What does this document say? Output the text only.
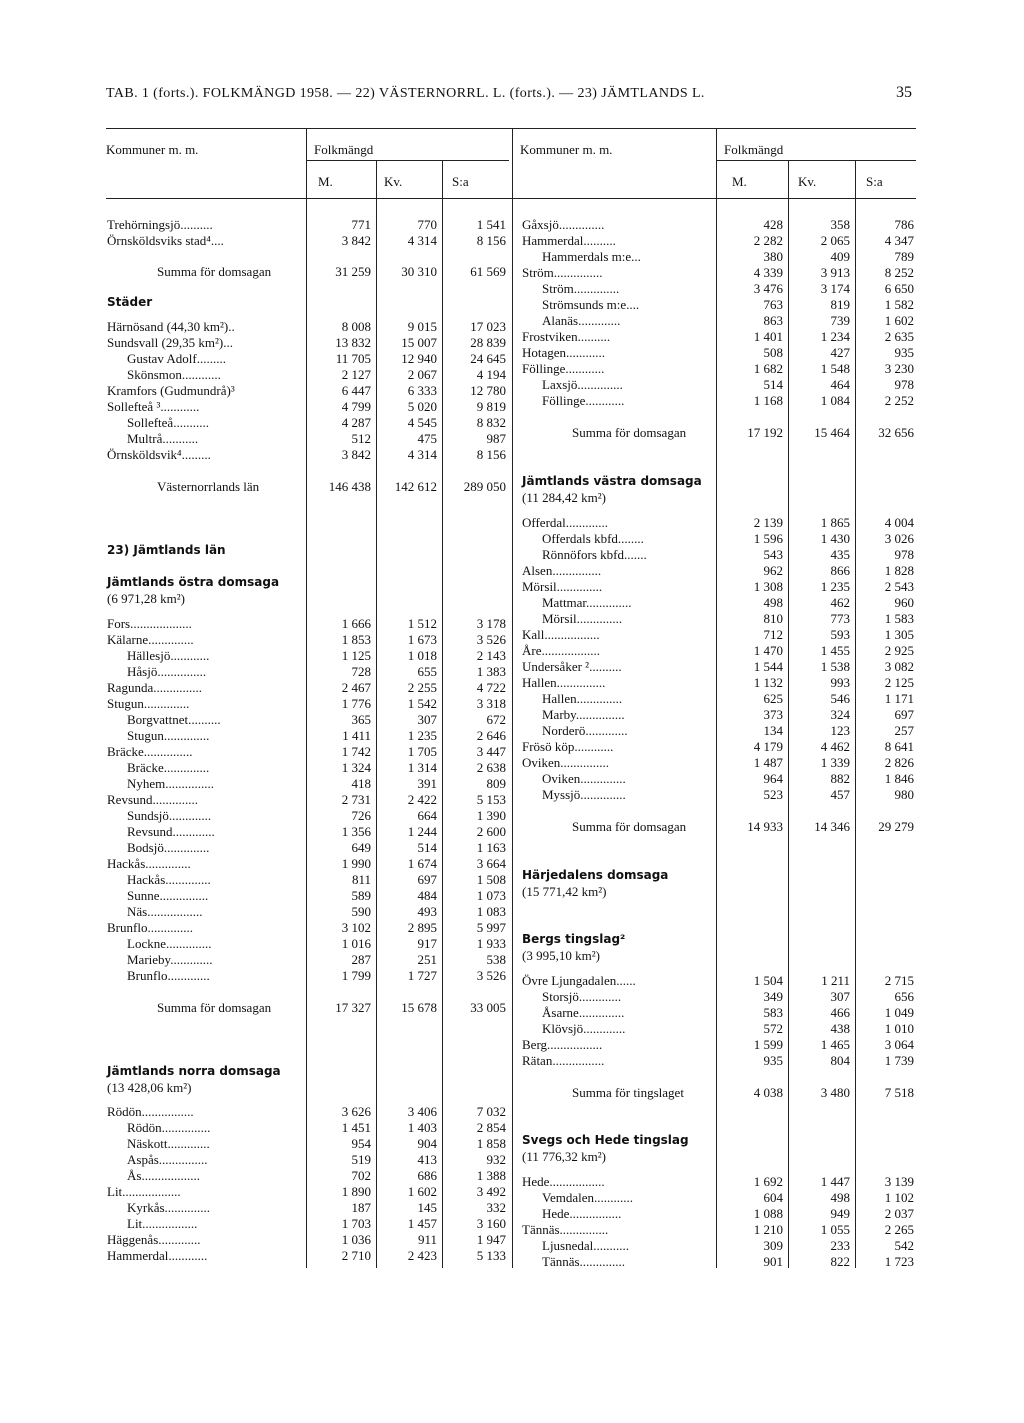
TAB. 1 (forts.). FOLKMÄNGD 1958. — 22) VÄSTERNORRL. L. (forts.). — 23) JÄMTLANDS L.	35
Kommuner m. m.	Folkmängd
M.	Kv.	S:a
Kommuner m. m.	Folkmängd
M.	Kv.	S:a
Trehörningsjö..........	771	770	1 541
Örnsköldsviks stad⁴....	3 842	4 314	8 156
Summa för domsagan	31 259	30 310	61 569
Städer
Härnösand (44,30 km²)..	8 008	9 015	17 023
Sundsvall (29,35 km²)...	13 832	15 007	28 839
Gustav Adolf.........	11 705	12 940	24 645
Skönsmon............	2 127	2 067	4 194
Kramfors (Gudmundrå)³	6 447	6 333	12 780
Sollefteå ³............	4 799	5 020	9 819
Sollefteå...........	4 287	4 545	8 832
Multrå...........	512	475	987
Örnsköldsvik⁴.........	3 842	4 314	8 156
Västernorrlands län	146 438	142 612	289 050
23) Jämtlands län
Jämtlands östra domsaga
(6 971,28 km²)
Fors...................	1 666	1 512	3 178
Kälarne..............	1 853	1 673	3 526
Hällesjö............	1 125	1 018	2 143
Håsjö...............	728	655	1 383
Ragunda...............	2 467	2 255	4 722
Stugun..............	1 776	1 542	3 318
Borgvattnet..........	365	307	672
Stugun..............	1 411	1 235	2 646
Bräcke...............	1 742	1 705	3 447
Bräcke..............	1 324	1 314	2 638
Nyhem...............	418	391	809
Revsund..............	2 731	2 422	5 153
Sundsjö.............	726	664	1 390
Revsund.............	1 356	1 244	2 600
Bodsjö..............	649	514	1 163
Hackås..............	1 990	1 674	3 664
Hackås..............	811	697	1 508
Sunne...............	589	484	1 073
Näs.................	590	493	1 083
Brunflo..............	3 102	2 895	5 997
Lockne..............	1 016	917	1 933
Marieby.............	287	251	538
Brunflo.............	1 799	1 727	3 526
Summa för domsagan	17 327	15 678	33 005
Jämtlands norra domsaga
(13 428,06 km²)
Rödön................	3 626	3 406	7 032
Rödön...............	1 451	1 403	2 854
Näskott.............	954	904	1 858
Aspås...............	519	413	932
Ås..................	702	686	1 388
Lit..................	1 890	1 602	3 492
Kyrkås..............	187	145	332
Lit.................	1 703	1 457	3 160
Häggenås.............	1 036	911	1 947
Hammerdal............	2 710	2 423	5 133
Gåxsjö..............	428	358	786
Hammerdal..........	2 282	2 065	4 347
Hammerdals m:e...	380	409	789
Ström...............	4 339	3 913	8 252
Ström..............	3 476	3 174	6 650
Strömsunds m:e....	763	819	1 582
Alanäs.............	863	739	1 602
Frostviken..........	1 401	1 234	2 635
Hotagen............	508	427	935
Föllinge............	1 682	1 548	3 230
Laxsjö..............	514	464	978
Föllinge............	1 168	1 084	2 252
Summa för domsagan	17 192	15 464	32 656
Jämtlands västra domsaga
(11 284,42 km²)
Offerdal.............	2 139	1 865	4 004
Offerdals kbfd........	1 596	1 430	3 026
Rönnöfors kbfd.......	543	435	978
Alsen...............	962	866	1 828
Mörsil..............	1 308	1 235	2 543
Mattmar..............	498	462	960
Mörsil..............	810	773	1 583
Kall.................	712	593	1 305
Åre..................	1 470	1 455	2 925
Undersåker ²..........	1 544	1 538	3 082
Hallen...............	1 132	993	2 125
Hallen..............	625	546	1 171
Marby...............	373	324	697
Norderö.............	134	123	257
Frösö köp............	4 179	4 462	8 641
Oviken...............	1 487	1 339	2 826
Oviken..............	964	882	1 846
Myssjö..............	523	457	980
Summa för domsagan	14 933	14 346	29 279
Härjedalens domsaga
(15 771,42 km²)
Bergs tingslag²
(3 995,10 km²)
Övre Ljungadalen......	1 504	1 211	2 715
Storsjö.............	349	307	656
Åsarne..............	583	466	1 049
Klövsjö.............	572	438	1 010
Berg.................	1 599	1 465	3 064
Rätan................	935	804	1 739
Summa för tingslaget	4 038	3 480	7 518
Svegs och Hede tingslag
(11 776,32 km²)
Hede.................	1 692	1 447	3 139
Vemdalen............	604	498	1 102
Hede................	1 088	949	2 037
Tännäs...............	1 210	1 055	2 265
Ljusnedal...........	309	233	542
Tännäs..............	901	822	1 723
